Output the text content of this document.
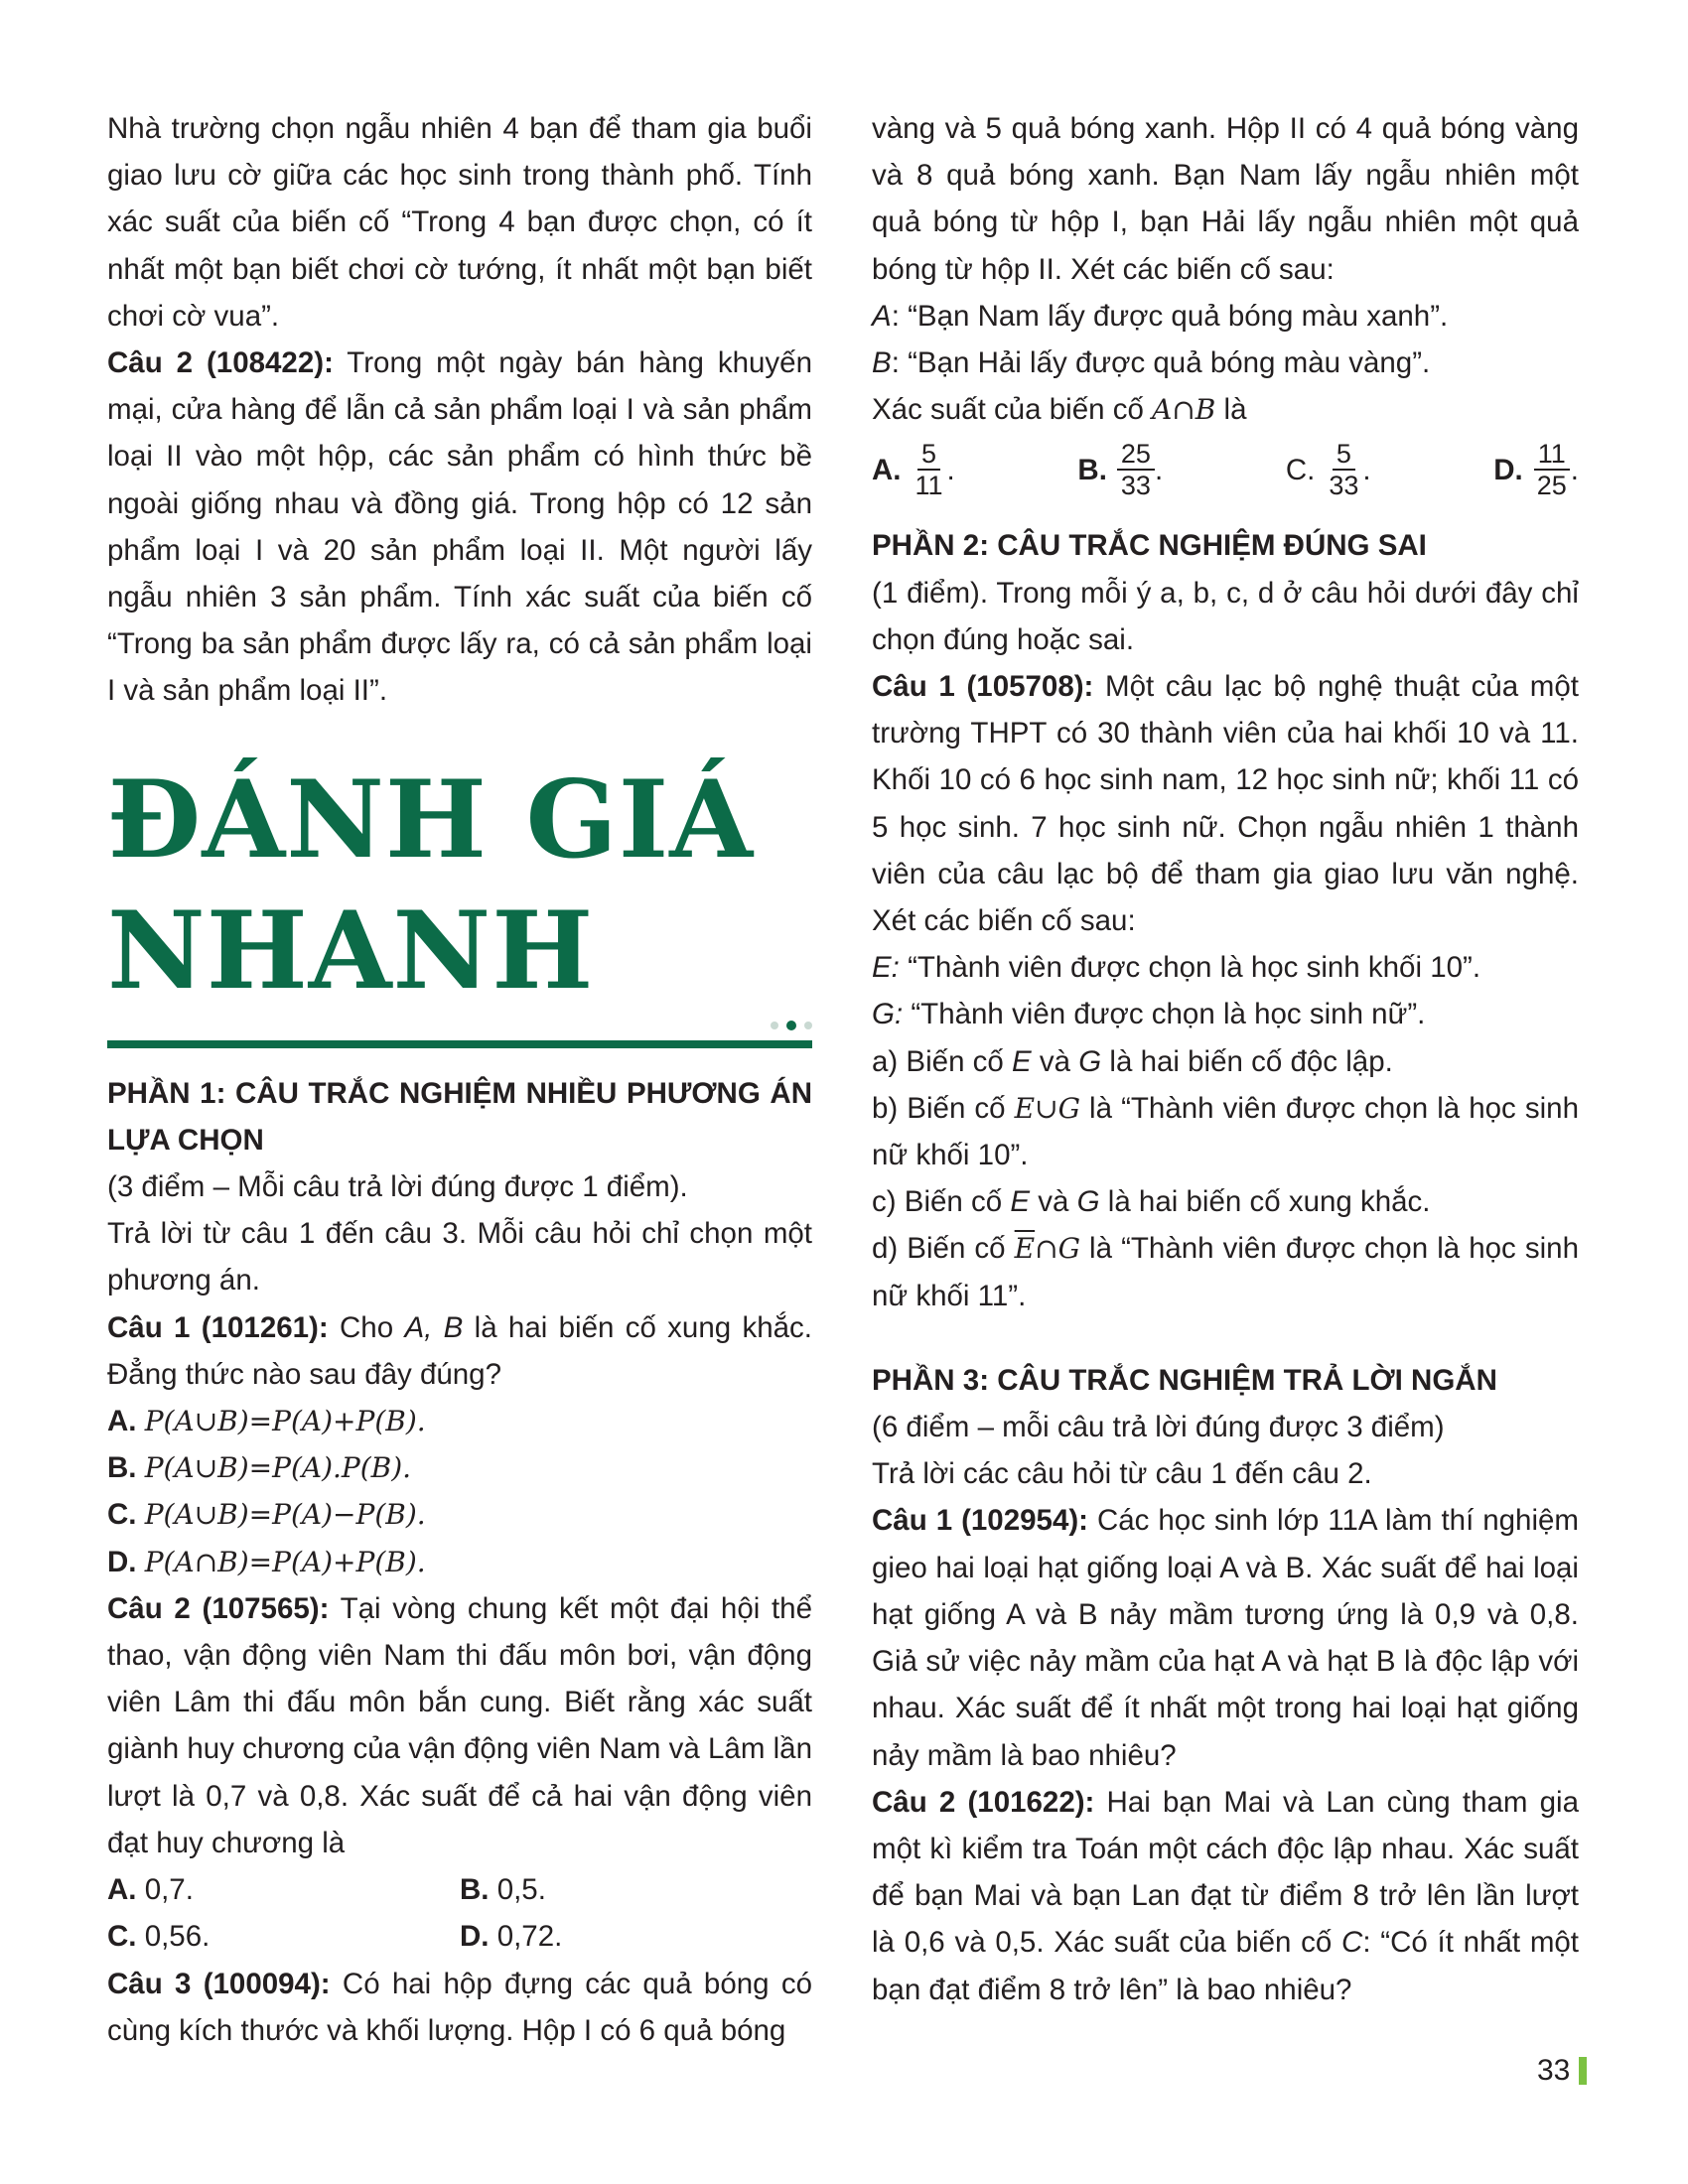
Nhà trường chọn ngẫu nhiên 4 bạn để tham gia buổi giao lưu cờ giữa các học sinh trong thành phố. Tính xác suất của biến cố “Trong 4 bạn được chọn, có ít nhất một bạn biết chơi cờ tướng, ít nhất một bạn biết chơi cờ vua”.

Câu 2 (108422): Trong một ngày bán hàng khuyến mại, cửa hàng để lẫn cả sản phẩm loại I và sản phẩm loại II vào một hộp, các sản phẩm có hình thức bề ngoài giống nhau và đồng giá. Trong hộp có 12 sản phẩm loại I và 20 sản phẩm loại II. Một người lấy ngẫu nhiên 3 sản phẩm. Tính xác suất của biến cố “Trong ba sản phẩm được lấy ra, có cả sản phẩm loại I và sản phẩm loại II”.

ĐÁNH GIÁ
NHANH

PHẦN 1: CÂU TRẮC NGHIỆM NHIỀU PHƯƠNG ÁN LỰA CHỌN

(3 điểm – Mỗi câu trả lời đúng được 1 điểm).

Trả lời từ câu 1 đến câu 3. Mỗi câu hỏi chỉ chọn một phương án.

Câu 1 (101261): Cho A, B là hai biến cố xung khắc. Đẳng thức nào sau đây đúng?

A. P(A∪B)=P(A)+P(B).

B. P(A∪B)=P(A).P(B).

C. P(A∪B)=P(A)−P(B).

D. P(A∩B)=P(A)+P(B).

Câu 2 (107565): Tại vòng chung kết một đại hội thể thao, vận động viên Nam thi đấu môn bơi, vận động viên Lâm thi đấu môn bắn cung. Biết rằng xác suất giành huy chương của vận động viên Nam và Lâm lần lượt là 0,7 và 0,8. Xác suất để cả hai vận động viên đạt huy chương là

A. 0,7.	B. 0,5.
C. 0,56.	D. 0,72.

Câu 3 (100094): Có hai hộp đựng các quả bóng có cùng kích thước và khối lượng. Hộp I có 6 quả bóng

vàng và 5 quả bóng xanh. Hộp II có 4 quả bóng vàng và 8 quả bóng xanh. Bạn Nam lấy ngẫu nhiên một quả bóng từ hộp I, bạn Hải lấy ngẫu nhiên một quả bóng từ hộp II. Xét các biến cố sau:

A: “Bạn Nam lấy được quả bóng màu xanh”.

B: “Bạn Hải lấy được quả bóng màu vàng”.

Xác suất của biến cố A∩B là

A. $\frac{5}{11}$ .	B. $\frac{25}{33}$ .	C. $\frac{5}{33}$ .	D. $\frac{11}{25}$ .

PHẦN 2: CÂU TRẮC NGHIỆM ĐÚNG SAI

(1 điểm). Trong mỗi ý a, b, c, d ở câu hỏi dưới đây chỉ chọn đúng hoặc sai.

Câu 1 (105708): Một câu lạc bộ nghệ thuật của một trường THPT có 30 thành viên của hai khối 10 và 11. Khối 10 có 6 học sinh nam, 12 học sinh nữ; khối 11 có 5 học sinh. 7 học sinh nữ. Chọn ngẫu nhiên 1 thành viên của câu lạc bộ để tham gia giao lưu văn nghệ. Xét các biến cố sau:

E: “Thành viên được chọn là học sinh khối 10”.

G: “Thành viên được chọn là học sinh nữ”.

a) Biến cố E và G là hai biến cố độc lập.

b) Biến cố E∪G là “Thành viên được chọn là học sinh nữ khối 10”.

c) Biến cố E và G là hai biến cố xung khắc.

d) Biến cố $\overline{E}\cap G$ là “Thành viên được chọn là học sinh nữ khối 11”.

PHẦN 3: CÂU TRẮC NGHIỆM TRẢ LỜI NGẮN

(6 điểm – mỗi câu trả lời đúng được 3 điểm)

Trả lời các câu hỏi từ câu 1 đến câu 2.

Câu 1 (102954): Các học sinh lớp 11A làm thí nghiệm gieo hai loại hạt giống loại A và B. Xác suất để hai loại hạt giống A và B nảy mầm tương ứng là 0,9 và 0,8. Giả sử việc nảy mầm của hạt A và hạt B là độc lập với nhau. Xác suất để ít nhất một trong hai loại hạt giống nảy mầm là bao nhiêu?

Câu 2 (101622): Hai bạn Mai và Lan cùng tham gia một kì kiểm tra Toán một cách độc lập nhau. Xác suất để bạn Mai và bạn Lan đạt từ điểm 8 trở lên lần lượt là 0,6 và 0,5. Xác suất của biến cố C: “Có ít nhất một bạn đạt điểm 8 trở lên” là bao nhiêu?

33
